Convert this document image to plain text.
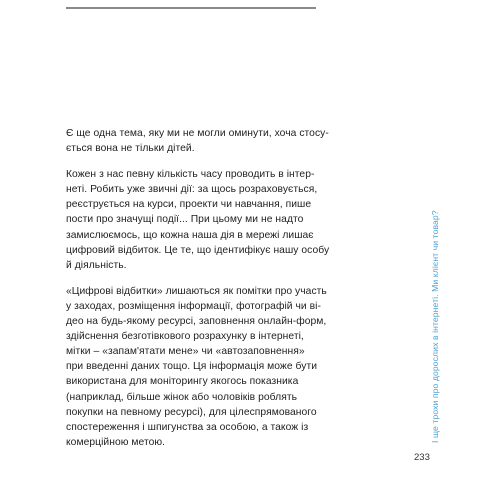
Є ще одна тема, яку ми не могли оминути, хоча стосу-
ється вона не тільки дітей.

Кожен з нас певну кількість часу проводить в інтер-
неті. Робить уже звичні дії: за щось розраховується,
реєструється на курси, проекти чи навчання, пише
пости про значущі події... При цьому ми не надто
замислюємось, що кожна наша дія в мережі лишає
цифровий відбиток. Це те, що ідентифікує нашу особу
й діяльність.

«Цифрові відбитки» лишаються як помітки про участь
у заходах, розміщення інформації, фотографій чи ві-
део на будь-якому ресурсі, заповнення онлайн-форм,
здійснення безготівкового розрахунку в інтернеті,
мітки – «запам'ятати мене» чи «автозаповнення»
при введенні даних тощо. Ця інформація може бути
використана для моніторингу якогось показника
(наприклад, більше жінок або чоловіків роблять
покупки на певному ресурсі), для цілеспрямованого
спостереження і шпигунства за особою, а також із
комерційною метою.	І ще трохи про дорослих в інтернеті. Ми клієнт чи товар?
233
